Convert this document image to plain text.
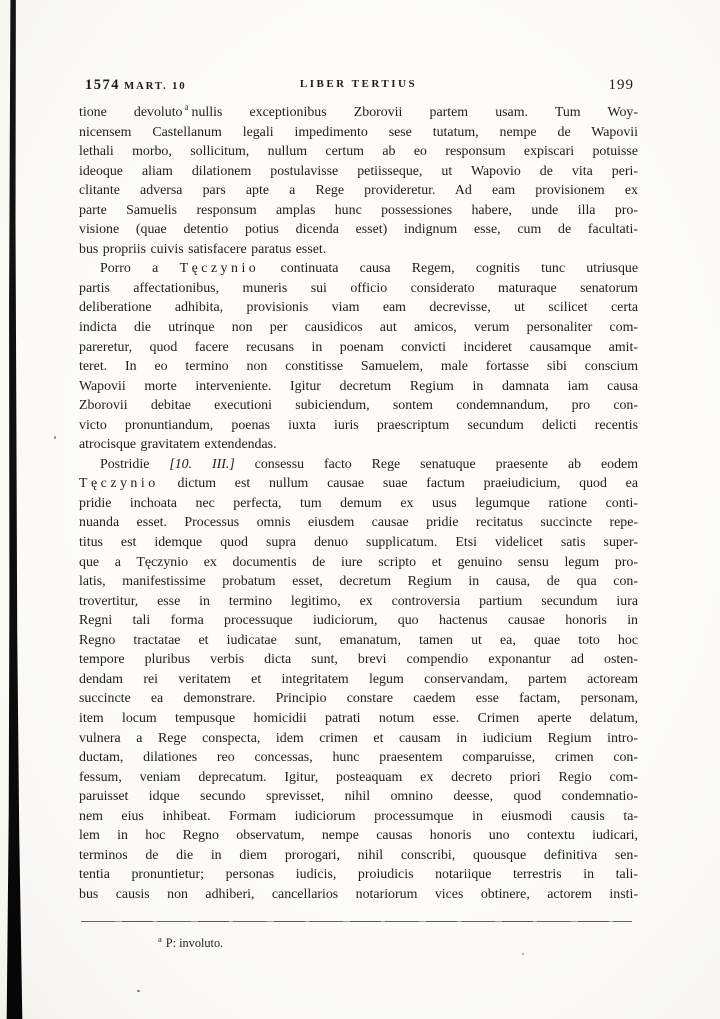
1574 MART. 10	LIBER TERTIUS	199
tione devoluto $^a$ nullis exceptionibus Zborovii partem usam. Tum Woy-
nicensem Castellanum legali impedimento sese tutatum, nempe de Wapovii
lethali morbo, sollicitum, nullum certum ab eo responsum expiscari potuisse
ideoque aliam dilationem postulavisse petiisseque, ut Wapovio de vita peri-
clitante adversa pars apte a Rege provideretur. Ad eam provisionem ex
parte Samuelis responsum amplas hunc possessiones habere, unde illa pro-
visione (quae detentio potius dicenda esset) indignum esse, cum de facultati-
bus propriis cuivis satisfacere paratus esset.
Porro a Tęczynio continuata causa Regem, cognitis tunc utriusque
partis affectationibus, muneris sui officio considerato maturaque senatorum
deliberatione adhibita, provisionis viam eam decrevisse, ut scilicet certa
indicta die utrinque non per causidicos aut amicos, verum personaliter com-
pareretur, quod facere recusans in poenam convicti incideret causamque amit-
teret. In eo termino non constitisse Samuelem, male fortasse sibi conscium
Wapovii morte interveniente. Igitur decretum Regium in damnata iam causa
Zborovii debitae executioni subiciendum, sontem condemnandum, pro con-
victo pronuntiandum, poenas iuxta iuris praescriptum secundum delicti recentis
atrocisque gravitatem extendendas.
Postridie [10. III.] consessu facto Rege senatuque praesente ab eodem
Tęczynio dictum est nullum causae suae factum praeiudicium, quod ea
pridie inchoata nec perfecta, tum demum ex usus legumque ratione conti-
nuanda esset. Processus omnis eiusdem causae pridie recitatus succincte repe-
titus est idemque quod supra denuo supplicatum. Etsi videlicet satis super-
que a Tęczynio ex documentis de iure scripto et genuino sensu legum pro-
latis, manifestissime probatum esset, decretum Regium in causa, de qua con-
trovertitur, esse in termino legitimo, ex controversia partium secundum iura
Regni tali forma processuque iudiciorum, quo hactenus causae honoris in
Regno tractatae et iudicatae sunt, emanatum, tamen ut ea, quae toto hoc
tempore pluribus verbis dicta sunt, brevi compendio exponantur ad osten-
dendam rei veritatem et integritatem legum conservandam, partem actoream
succincte ea demonstrare. Principio constare caedem esse factam, personam,
item locum tempusque homicidii patrati notum esse. Crimen aperte delatum,
vulnera a Rege conspecta, idem crimen et causam in iudicium Regium intro-
ductam, dilationes reo concessas, hunc praesentem comparuisse, crimen con-
fessum, veniam deprecatum. Igitur, posteaquam ex decreto priori Regio com-
paruisset idque secundo sprevisset, nihil omnino deesse, quod condemnatio-
nem eius inhibeat. Formam iudiciorum processumque in eiusmodi causis ta-
lem in hoc Regno observatum, nempe causas honoris uno contextu iudicari,
terminos de die in diem prorogari, nihil conscribi, quousque definitiva sen-
tentia pronuntietur; personas iudicis, proiudicis notariique terrestris in tali-
bus causis non adhiberi, cancellarios notariorum vices obtinere, actorem insti-
$^a$ P: involuto.
